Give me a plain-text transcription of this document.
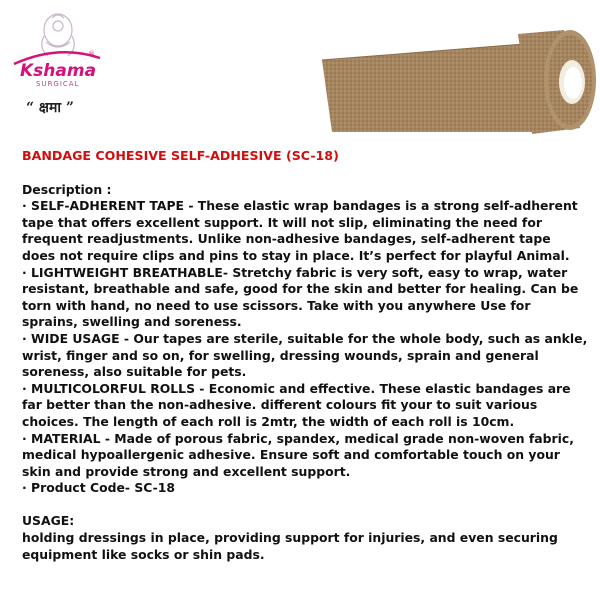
Kshama
®
SURGICAL
“ क्षमा ”

BANDAGE COHESIVE SELF-ADHESIVE (SC-18)

Description :

· SELF-ADHERENT TAPE - These elastic wrap bandages is a strong self-adherent tape that offers excellent support. It will not slip, eliminating the need for frequent readjustments. Unlike non-adhesive bandages, self-adherent tape does not require clips and pins to stay in place. It’s perfect for playful Animal.

· LIGHTWEIGHT BREATHABLE- Stretchy fabric is very soft, easy to wrap, water resistant, breathable and safe, good for the skin and better for healing. Can be torn with hand, no need to use scissors. Take with you anywhere Use for sprains, swelling and soreness.

· WIDE USAGE - Our tapes are sterile, suitable for the whole body, such as ankle, wrist, finger and so on, for swelling, dressing wounds, sprain and general soreness, also suitable for pets.

· MULTICOLORFUL ROLLS - Economic and effective. These elastic bandages are far better than the non-adhesive. different colours fit your to suit various choices. The length of each roll is 2mtr, the width of each roll is 10cm.

· MATERIAL - Made of porous fabric, spandex, medical grade non-woven fabric, medical hypoallergenic adhesive. Ensure soft and comfortable touch on your skin and provide strong and excellent support.

· Product Code- SC-18

USAGE:

holding dressings in place, providing support for injuries, and even securing equipment like socks or shin pads.
